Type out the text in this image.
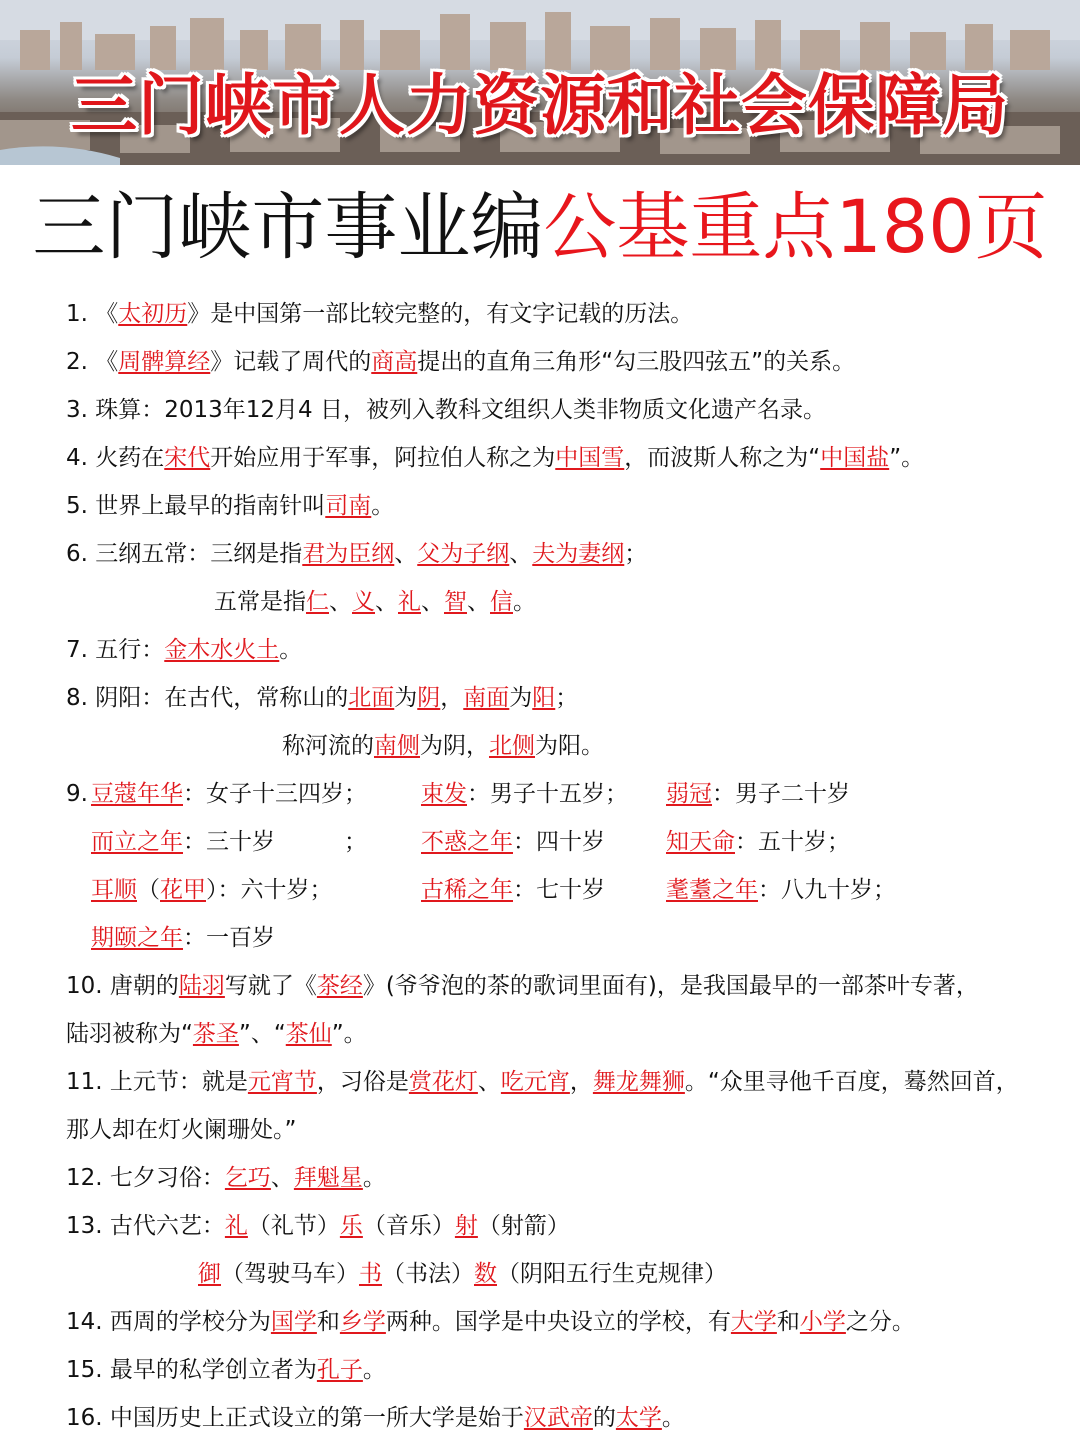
三门峡市人力资源和社会保障局
三门峡市事业编公基重点180页
1. 《太初历》是中国第一部比较完整的，有文字记载的历法。
2. 《周髀算经》记载了周代的商高提出的直角三角形“勾三股四弦五”的关系。
3. 珠算：2013年12月4 日，被列入教科文组织人类非物质文化遗产名录。
4. 火药在宋代开始应用于军事，阿拉伯人称之为中国雪，而波斯人称之为“中国盐”。
5. 世界上最早的指南针叫司南。
6. 三纲五常：三纲是指君为臣纲、父为子纲、夫为妻纲；
五常是指仁、义、礼、智、信。
7. 五行：金木水火土。
8. 阴阳：在古代，常称山的北面为阴，南面为阳；
称河流的南侧为阴，北侧为阳。
9. 豆蔻年华：女子十三四岁； 束发：男子十五岁； 弱冠：男子二十岁
而立之年：三十岁　　　； 不惑之年：四十岁	知天命：五十岁；
耳顺（花甲）：六十岁；	古稀之年：七十岁	耄耋之年：八九十岁；
期颐之年：一百岁
10. 唐朝的陆羽写就了《茶经》(爷爷泡的茶的歌词里面有)，是我国最早的一部茶叶专著，
陆羽被称为“茶圣”、“茶仙”。
11. 上元节：就是元宵节，习俗是赏花灯、吃元宵，舞龙舞狮。“众里寻他千百度，蓦然回首，
那人却在灯火阑珊处。”
12. 七夕习俗：乞巧、拜魁星。
13. 古代六艺：礼（礼节）乐（音乐）射（射箭）
御（驾驶马车）书（书法）数（阴阳五行生克规律）
14. 西周的学校分为国学和乡学两种。国学是中央设立的学校，有大学和小学之分。
15. 最早的私学创立者为孔子。
16. 中国历史上正式设立的第一所大学是始于汉武帝的太学。
